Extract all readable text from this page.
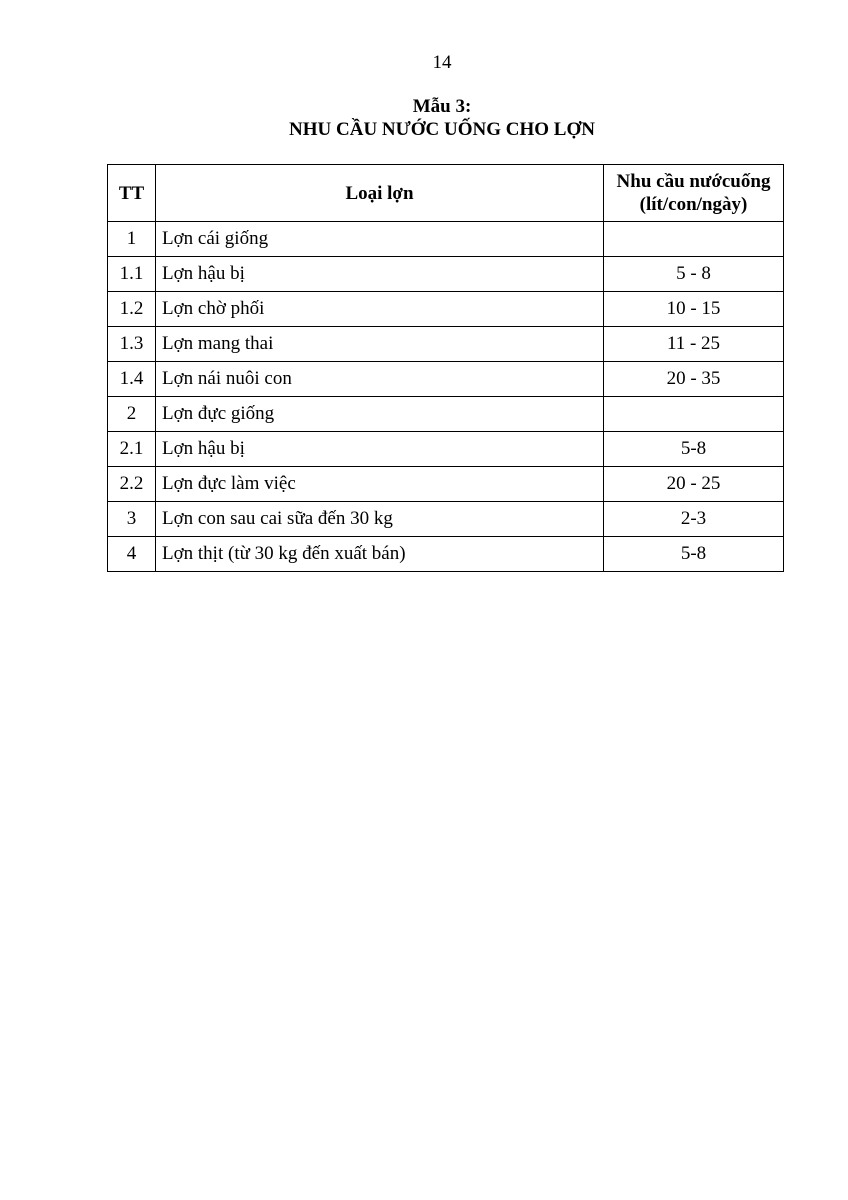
14
Mẫu 3:
NHU CẦU NƯỚC UỐNG CHO LỢN
TT	Loại lợn	Nhu cầu nướcuống
(lít/con/ngày)

1	Lợn cái giống	
1.1	Lợn hậu bị	5 - 8
1.2	Lợn chờ phối	10 - 15
1.3	Lợn mang thai	11 - 25
1.4	Lợn nái nuôi con	20 - 35
2	Lợn đực giống	
2.1	Lợn hậu bị	5-8
2.2	Lợn đực làm việc	20 - 25
3	Lợn con sau cai sữa đến 30 kg	2-3
4	Lợn thịt (từ 30 kg đến xuất bán)	5-8
